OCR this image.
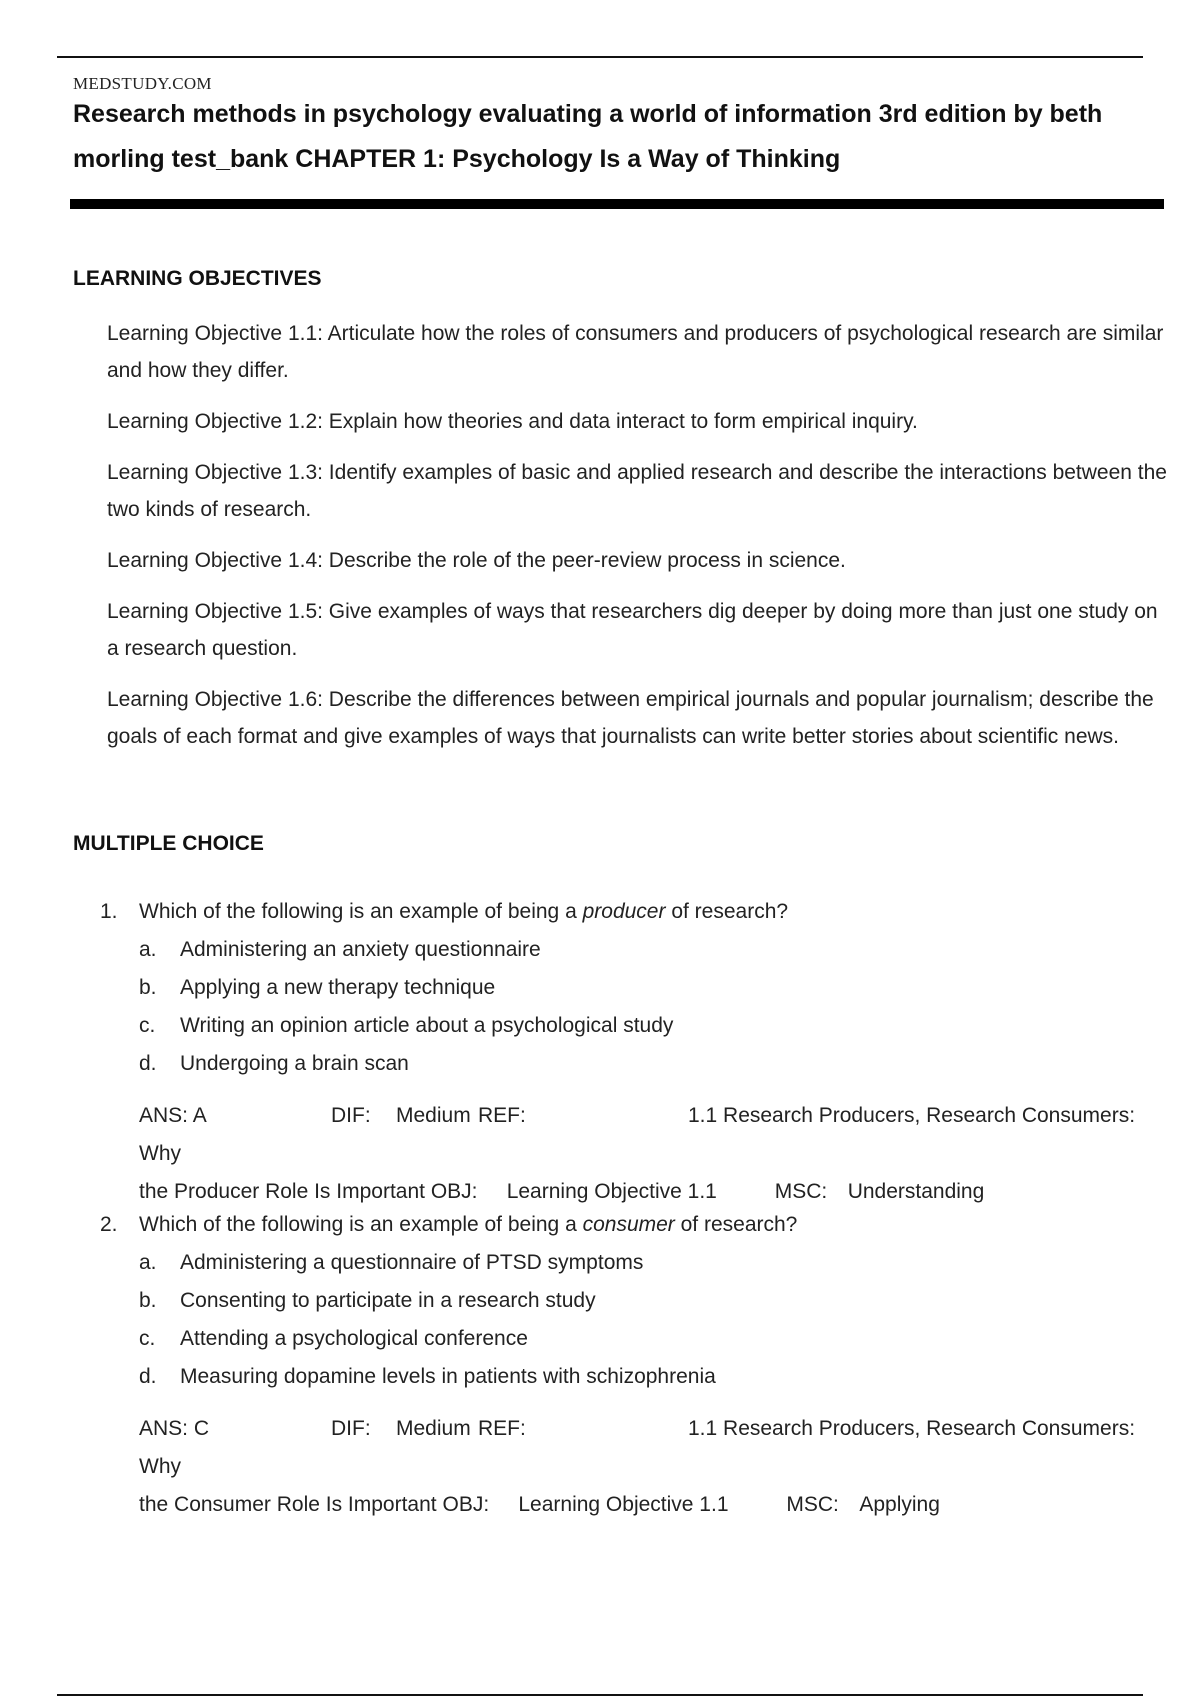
MEDSTUDY.COM
Research methods in psychology evaluating a world of information 3rd edition by beth morling test_bank CHAPTER 1: Psychology Is a Way of Thinking
LEARNING OBJECTIVES
Learning Objective 1.1: Articulate how the roles of consumers and producers of psychological research are similar and how they differ.
Learning Objective 1.2: Explain how theories and data interact to form empirical inquiry.
Learning Objective 1.3: Identify examples of basic and applied research and describe the interactions between the two kinds of research.
Learning Objective 1.4: Describe the role of the peer-review process in science.
Learning Objective 1.5: Give examples of ways that researchers dig deeper by doing more than just one study on a research question.
Learning Objective 1.6: Describe the differences between empirical journals and popular journalism; describe the goals of each format and give examples of ways that journalists can write better stories about scientific news.
MULTIPLE CHOICE
1. Which of the following is an example of being a producer of research?
a. Administering an anxiety questionnaire
b. Applying a new therapy technique
c. Writing an opinion article about a psychological study
d. Undergoing a brain scan
ANS: A	DIF: Medium REF:	1.1 Research Producers, Research Consumers: Why
the Producer Role Is Important OBJ: Learning Objective 1.1	MSC: Understanding
2. Which of the following is an example of being a consumer of research?
a. Administering a questionnaire of PTSD symptoms
b. Consenting to participate in a research study
c. Attending a psychological conference
d. Measuring dopamine levels in patients with schizophrenia
ANS: C	DIF: Medium REF:	1.1 Research Producers, Research Consumers: Why
the Consumer Role Is Important OBJ: Learning Objective 1.1	MSC: Applying
